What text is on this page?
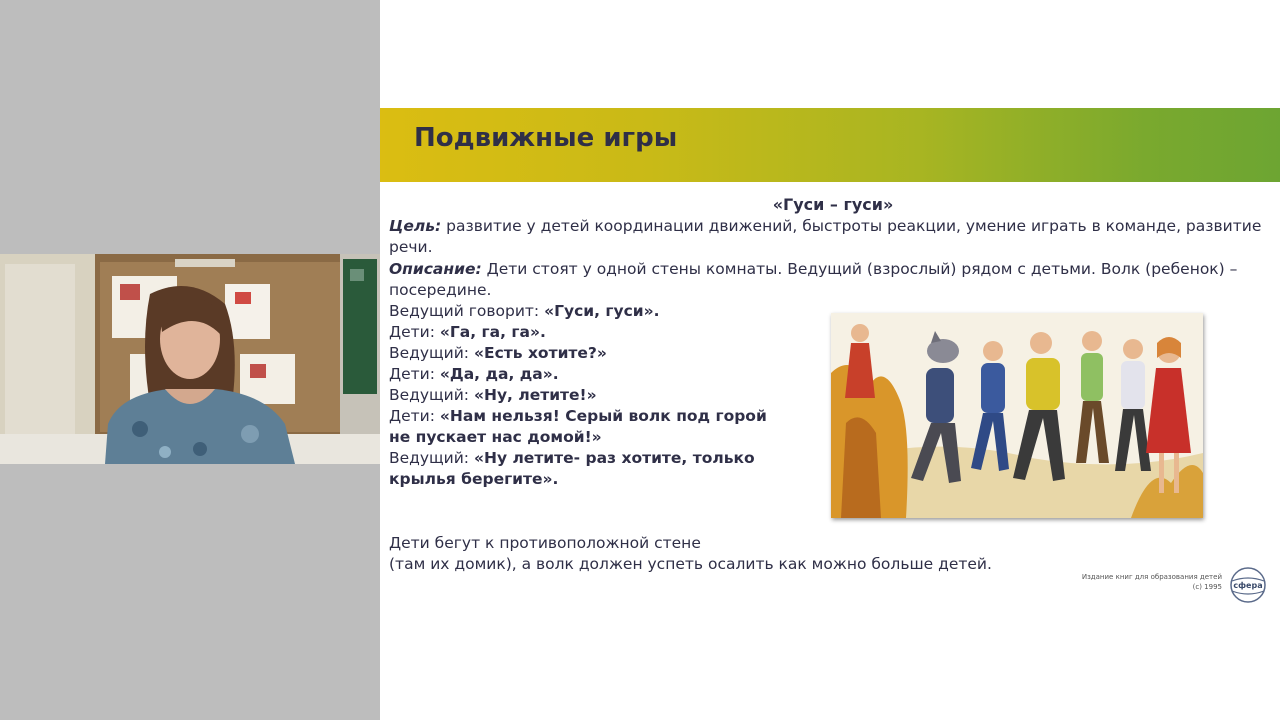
Подвижные игры
«Гуси – гуси»
Цель: развитие у детей координации движений, быстроты реакции, умение играть в команде, развитие
речи.
Описание: Дети стоят у одной стены комнаты. Ведущий (взрослый) рядом с детьми. Волк (ребенок) –
посередине.
Ведущий говорит: «Гуси, гуси».
Дети: «Га, га, га».
Ведущий: «Есть хотите?»
Дети: «Да, да, да».
Ведущий: «Ну, летите!»
Дети: «Нам нельзя! Серый волк под горой
не пускает нас домой!»
Ведущий: «Ну летите- раз хотите, только
крылья берегите».
Дети бегут к противоположной стене
(там их домик), а волк должен успеть осалить как можно больше детей.
Издание книг для образования детей
(с) 1995 сфера
